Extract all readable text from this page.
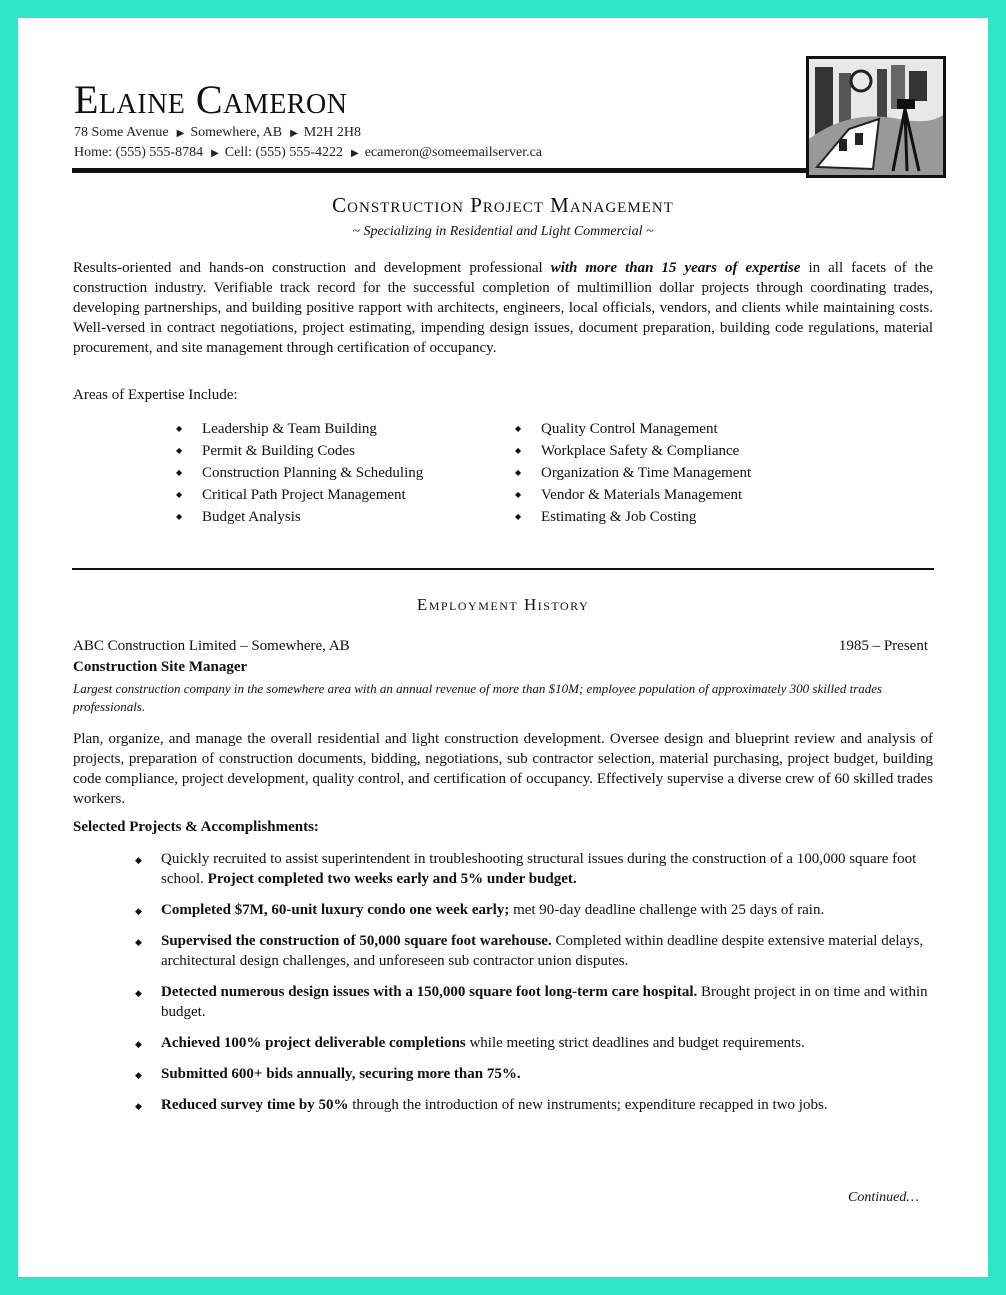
Elaine Cameron
78 Some Avenue ▶ Somewhere, AB ▶ M2H 2H8
Home: (555) 555-8784 ▶ Cell: (555) 555-4222 ▶ ecameron@someemailserver.ca
Construction Project Management
~ Specializing in Residential and Light Commercial ~
Results-oriented and hands-on construction and development professional with more than 15 years of expertise in all facets of the construction industry. Verifiable track record for the successful completion of multimillion dollar projects through coordinating trades, developing partnerships, and building positive rapport with architects, engineers, local officials, vendors, and clients while maintaining costs. Well-versed in contract negotiations, project estimating, impending design issues, document preparation, building code regulations, material procurement, and site management through certification of occupancy.
Areas of Expertise Include:
◆ Leadership & Team Building
◆ Permit & Building Codes
◆ Construction Planning & Scheduling
◆ Critical Path Project Management
◆ Budget Analysis
◆ Quality Control Management
◆ Workplace Safety & Compliance
◆ Organization & Time Management
◆ Vendor & Materials Management
◆ Estimating & Job Costing
Employment History
ABC Construction Limited – Somewhere, AB	1985 – Present
Construction Site Manager
Largest construction company in the somewhere area with an annual revenue of more than $10M; employee population of approximately 300 skilled trades professionals.
Plan, organize, and manage the overall residential and light construction development. Oversee design and blueprint review and analysis of projects, preparation of construction documents, bidding, negotiations, sub contractor selection, material purchasing, project budget, building code compliance, project development, quality control, and certification of occupancy. Effectively supervise a diverse crew of 60 skilled trades workers.
Selected Projects & Accomplishments:
◆ Quickly recruited to assist superintendent in troubleshooting structural issues during the construction of a 100,000 square foot school. Project completed two weeks early and 5% under budget.
◆ Completed $7M, 60-unit luxury condo one week early; met 90-day deadline challenge with 25 days of rain.
◆ Supervised the construction of 50,000 square foot warehouse. Completed within deadline despite extensive material delays, architectural design challenges, and unforeseen sub contractor union disputes.
◆ Detected numerous design issues with a 150,000 square foot long-term care hospital. Brought project in on time and within budget.
◆ Achieved 100% project deliverable completions while meeting strict deadlines and budget requirements.
◆ Submitted 600+ bids annually, securing more than 75%.
◆ Reduced survey time by 50% through the introduction of new instruments; expenditure recapped in two jobs.
Continued…
